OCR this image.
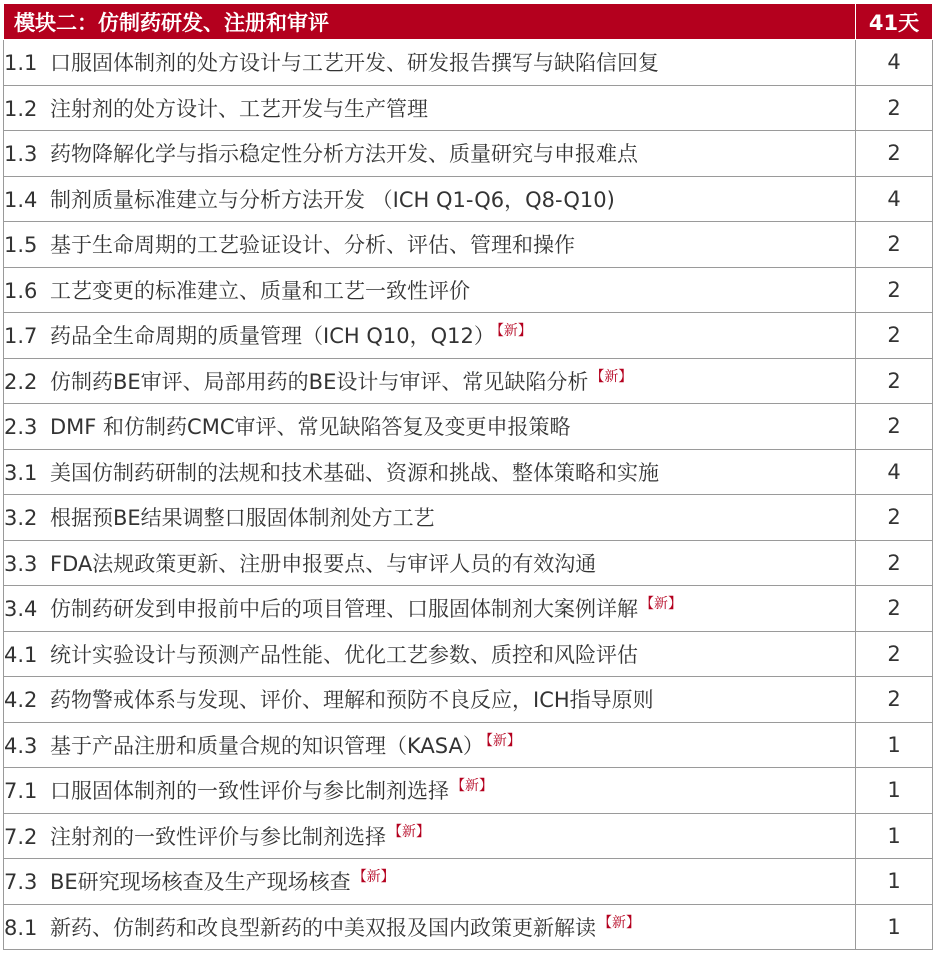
模块二：仿制药研发、注册和审评	41天
1.1 口服固体制剂的处方设计与工艺开发、研发报告撰写与缺陷信回复	4
1.2 注射剂的处方设计、工艺开发与生产管理	2
1.3 药物降解化学与指示稳定性分析方法开发、质量研究与申报难点	2
1.4 制剂质量标准建立与分析方法开发 （ICH Q1-Q6，Q8-Q10)	4
1.5 基于生命周期的工艺验证设计、分析、评估、管理和操作	2
1.6 工艺变更的标准建立、质量和工艺一致性评价	2
1.7 药品全生命周期的质量管理（ICH Q10，Q12） $^{【新】}$	2
2.2 仿制药BE审评、局部用药的BE设计与审评、常见缺陷分析 $^{【新】}$	2
2.3 DMF 和仿制药CMC审评、常见缺陷答复及变更申报策略	2
3.1 美国仿制药研制的法规和技术基础、资源和挑战、整体策略和实施	4
3.2 根据预BE结果调整口服固体制剂处方工艺	2
3.3 FDA法规政策更新、注册申报要点、与审评人员的有效沟通	2
3.4 仿制药研发到申报前中后的项目管理、口服固体制剂大案例详解 $^{【新】}$	2
4.1 统计实验设计与预测产品性能、优化工艺参数、质控和风险评估	2
4.2 药物警戒体系与发现、评价、理解和预防不良反应，ICH指导原则	2
4.3 基于产品注册和质量合规的知识管理（KASA） $^{【新】}$	1
7.1 口服固体制剂的一致性评价与参比制剂选择 $^{【新】}$	1
7.2 注射剂的一致性评价与参比制剂选择 $^{【新】}$	1
7.3 BE研究现场核查及生产现场核查 $^{【新】}$	1
8.1 新药、仿制药和改良型新药的中美双报及国内政策更新解读 $^{【新】}$	1
